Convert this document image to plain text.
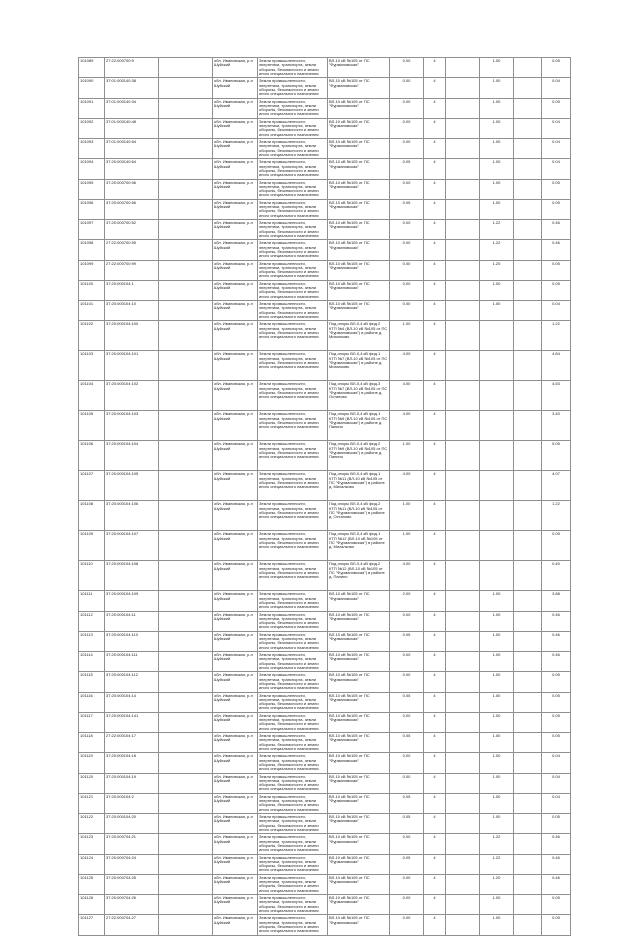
101089	27:22:000700:9		обл. Ивановская, р-н Шуйский	Земли промышленности, энергетики, транспорта, земли обороны, безопасности и земли иного специального назначения	ВЛ-10 кВ №105 от ПС "Фурмановская"	0.00	4		1.00		0.05
101090	37:01:000140:38		обл. Ивановская, р-н Шуйский	Земли промышленности, энергетики, транспорта, земли обороны, безопасности и земли иного специального назначения	ВЛ-10 кВ №105 от ПС "Фурмановская"	0.00	4		1.00		0.04
101091	37:01:000140:34		обл. Ивановская, р-н Шуйский	Земли промышленности, энергетики, транспорта, земли обороны, безопасности и земли иного специального назначения	ВЛ-10 кВ №105 от ПС "Фурмановская"	0.00	4		1.00		0.05
101092	37:01:000140:48		обл. Ивановская, р-н Шуйский	Земли промышленности, энергетики, транспорта, земли обороны, безопасности и земли иного специального назначения	ВЛ-10 кВ №105 от ПС "Фурмановская"	0.00	4		1.00		0.04
101093	37:01:000140:54		обл. Ивановская, р-н Шуйский	Земли промышленности, энергетики, транспорта, земли обороны, безопасности и земли иного специального назначения	ВЛ-10 кВ №105 от ПС "Фурмановская"	0.00	4		1.00		0.04
101094	37:20:000140:64		обл. Ивановская, р-н Шуйский	Земли промышленности, энергетики, транспорта, земли обороны, безопасности и земли иного специального назначения	ВЛ-10 кВ №105 от ПС "Фурмановская"	0.05	4		1.00		0.04
101095	37:20:000700:96		обл. Ивановская, р-н Шуйский	Земли промышленности, энергетики, транспорта, земли обороны, безопасности и земли иного специального назначения	ВЛ-10 кВ №105 от ПС "Фурмановская"	0.00	4		1.00		0.05
101096	37:20:000700:56		обл. Ивановская, р-н Шуйский	Земли промышленности, энергетики, транспорта, земли обороны, безопасности и земли иного специального назначения	ВЛ-10 кВ №105 от ПС "Фурмановская"	0.05	4		1.00		0.05
101097	37:20:000700:52		обл. Ивановская, р-н Шуйский	Земли промышленности, энергетики, транспорта, земли обороны, безопасности и земли иного специального назначения	ВЛ-10 кВ №105 от ПС "Фурмановская"	0.00	4		1.22		0.46
101098	27:22:000700:95		обл. Ивановская, р-н Шуйский	Земли промышленности, энергетики, транспорта, земли обороны, безопасности и земли иного специального назначения	ВЛ-10 кВ №105 от ПС "Фурмановская"	0.00	4		1.22		0.46
101099	27:22:000700:99		обл. Ивановская, р-н Шуйский	Земли промышленности, энергетики, транспорта, земли обороны, безопасности и земли иного специального назначения	ВЛ-10 кВ №105 от ПС "Фурмановская"	0.00	4		1.20		0.05
101100	37:20:000104:1		обл. Ивановская, р-н Шуйский	Земли промышленности, энергетики, транспорта, земли обороны, безопасности и земли иного специального назначения	ВЛ-10 кВ №105 от ПС "Фурмановская"	0.00	4		1.00		0.05
101101	37:20:000104:10		обл. Ивановская, р-н Шуйский	Земли промышленности, энергетики, транспорта, земли обороны, безопасности и земли иного специального назначения	ВЛ-10 кВ №105 от ПС "Фурмановская"	0.00	4		1.00		0.04
101102	37:20:000104:100		обл. Ивановская, р-н Шуйский	Земли промышленности, энергетики, транспорта, земли обороны, безопасности и земли иного специального назначения	Под опоры ВЛ-0,4 кВ фид.2 КТП №4 (ВЛ-10 кВ №105 от ПС "Фурмановская") в районе д. Михалково	1.00	4				1.22
101103	37:20:000104:101		обл. Ивановская, р-н Шуйский	Земли промышленности, энергетики, транспорта, земли обороны, безопасности и земли иного специального назначения	Под опоры ВЛ-0,4 кВ фид.1 КТП №7 (ВЛ-10 кВ №105 от ПС "Фурмановская") в районе д. Михалково	4.00	4				4.84
101104	37:20:000104:102		обл. Ивановская, р-н Шуйский	Земли промышленности, энергетики, транспорта, земли обороны, безопасности и земли иного специального назначения	Под опоры ВЛ-0,4 кВ фид.3 КТП №7 (ВЛ-10 кВ №105 от ПС "Фурмановская") в районе д. Остапово	4.00	4				4.53
101105	37:20:000104:103		обл. Ивановская, р-н Шуйский	Земли промышленности, энергетики, транспорта, земли обороны, безопасности и земли иного специального назначения	Под опоры ВЛ-0,4 кВ фид.1 КТП №9 (ВЛ-10 кВ №105 от ПС "Фурмановская") в районе д. Панино	4.00	4				3.40
101106	37:20:000104:104		обл. Ивановская, р-н Шуйский	Земли промышленности, энергетики, транспорта, земли обороны, безопасности и земли иного специального назначения	Под опоры ВЛ-0,4 кВ фид.2 КТП №9 (ВЛ-10 кВ №105 от ПС "Фурмановская") в районе д. Панино	1.00	4				5.05
101107	37:20:000104:105		обл. Ивановская, р-н Шуйский	Земли промышленности, энергетики, транспорта, земли обороны, безопасности и земли иного специального назначения	Под опоры ВЛ-0,4 кВ фид.1 КТП №11 (ВЛ-10 кВ №105 от ПС "Фурмановская") в районе д. Михалково	4.00	4				4.07
101108	37:20:000104:106		обл. Ивановская, р-н Шуйский	Земли промышленности, энергетики, транспорта, земли обороны, безопасности и земли иного специального назначения	Под опоры ВЛ-0,4 кВ фид.2 КТП №11 (ВЛ-10 кВ №105 от ПС "Фурмановская") в районе д. Остапово	1.00	4				1.22
101109	37:20:000104:107		обл. Ивановская, р-н Шуйский	Земли промышленности, энергетики, транспорта, земли обороны, безопасности и земли иного специального назначения	Под опоры ВЛ-0,4 кВ фид.1 КТП №12 (ВЛ-10 кВ №105 от ПС "Фурмановская") в районе д. Михалково	1.00	4				0.05
101110	37:20:000104:108		обл. Ивановская, р-н Шуйский	Земли промышленности, энергетики, транспорта, земли обороны, безопасности и земли иного специального назначения	Под опоры ВЛ-0,4 кВ фид.2 КТП №12 (ВЛ-10 кВ №105 от ПС "Фурмановская") в районе д. Панино	4.00	4				0.40
101111	37:20:000104:109		обл. Ивановская, р-н Шуйский	Земли промышленности, энергетики, транспорта, земли обороны, безопасности и земли иного специального назначения	ВЛ-10 кВ №105 от ПС "Фурмановская"	2.00	4		1.00		3.88
101112	37:20:000104:11		обл. Ивановская, р-н Шуйский	Земли промышленности, энергетики, транспорта, земли обороны, безопасности и земли иного специального назначения	ВЛ-10 кВ №105 от ПС "Фурмановская"	0.00	4		1.00		0.46
101113	37:20:000104:110		обл. Ивановская, р-н Шуйский	Земли промышленности, энергетики, транспорта, земли обороны, безопасности и земли иного специального назначения	ВЛ-10 кВ №105 от ПС "Фурмановская"	0.05	4		1.00		0.46
101114	37:20:000104:111		обл. Ивановская, р-н Шуйский	Земли промышленности, энергетики, транспорта, земли обороны, безопасности и земли иного специального назначения	ВЛ-10 кВ №105 от ПС "Фурмановская"	0.00	4		1.00		0.46
101115	37:20:000104:112		обл. Ивановская, р-н Шуйский	Земли промышленности, энергетики, транспорта, земли обороны, безопасности и земли иного специального назначения	ВЛ-10 кВ №105 от ПС "Фурмановская"	0.00	4		1.00		0.05
101116	37:20:000104:14		обл. Ивановская, р-н Шуйский	Земли промышленности, энергетики, транспорта, земли обороны, безопасности и земли иного специального назначения	ВЛ-10 кВ №105 от ПС "Фурмановская"	0.05	4		1.00		0.05
101117	37:20:000104:141		обл. Ивановская, р-н Шуйский	Земли промышленности, энергетики, транспорта, земли обороны, безопасности и земли иного специального назначения	ВЛ-10 кВ №105 от ПС "Фурмановская"	0.00	4		1.00		0.05
101118	27:22:000104:17		обл. Ивановская, р-н Шуйский	Земли промышленности, энергетики, транспорта, земли обороны, безопасности и земли иного специального назначения	ВЛ-10 кВ №105 от ПС "Фурмановская"	0.05	4		1.00		0.05
101119	37:20:000104:18		обл. Ивановская, р-н Шуйский	Земли промышленности, энергетики, транспорта, земли обороны, безопасности и земли иного специального назначения	ВЛ-10 кВ №105 от ПС "Фурмановская"	0.00	4		1.00		0.04
101120	37:20:000104:19		обл. Ивановская, р-н Шуйский	Земли промышленности, энергетики, транспорта, земли обороны, безопасности и земли иного специального назначения	ВЛ-10 кВ №105 от ПС "Фурмановская"	0.00	4		1.00		0.04
101121	37:20:000104:2		обл. Ивановская, р-н Шуйский	Земли промышленности, энергетики, транспорта, земли обороны, безопасности и земли иного специального назначения	ВЛ-10 кВ №105 от ПС "Фурмановская"	0.05	4		1.00		0.04
101122	37:20:000104:20		обл. Ивановская, р-н Шуйский	Земли промышленности, энергетики, транспорта, земли обороны, безопасности и земли иного специального назначения	ВЛ-10 кВ №105 от ПС "Фурмановская"	0.05	4		1.00		0.05
101123	37:20:000704:21		обл. Ивановская, р-н Шуйский	Земли промышленности, энергетики, транспорта, земли обороны, безопасности и земли иного специального назначения	ВЛ-10 кВ №105 от ПС "Фурмановская"	0.00	4		1.22		0.46
101124	37:20:000704:24		обл. Ивановская, р-н Шуйский	Земли промышленности, энергетики, транспорта, земли обороны, безопасности и земли иного специального назначения	ВЛ-10 кВ №105 от ПС "Фурмановская"	0.05	4		1.22		0.46
101125	37:20:000704:25		обл. Ивановская, р-н Шуйский	Земли промышленности, энергетики, транспорта, земли обороны, безопасности и земли иного специального назначения	ВЛ-10 кВ №105 от ПС "Фурмановская"	0.00	4		1.20		0.46
101126	37:20:000704:26		обл. Ивановская, р-н Шуйский	Земли промышленности, энергетики, транспорта, земли обороны, безопасности и земли иного специального назначения	ВЛ-10 кВ №105 от ПС "Фурмановская"	0.00	4		1.00		0.05
101127	27:22:000704:27		обл. Ивановская, р-н Шуйский	Земли промышленности, энергетики, транспорта, земли обороны, безопасности и земли иного специального назначения	ВЛ-10 кВ №105 от ПС "Фурмановская"	0.00	4		1.00		0.05
